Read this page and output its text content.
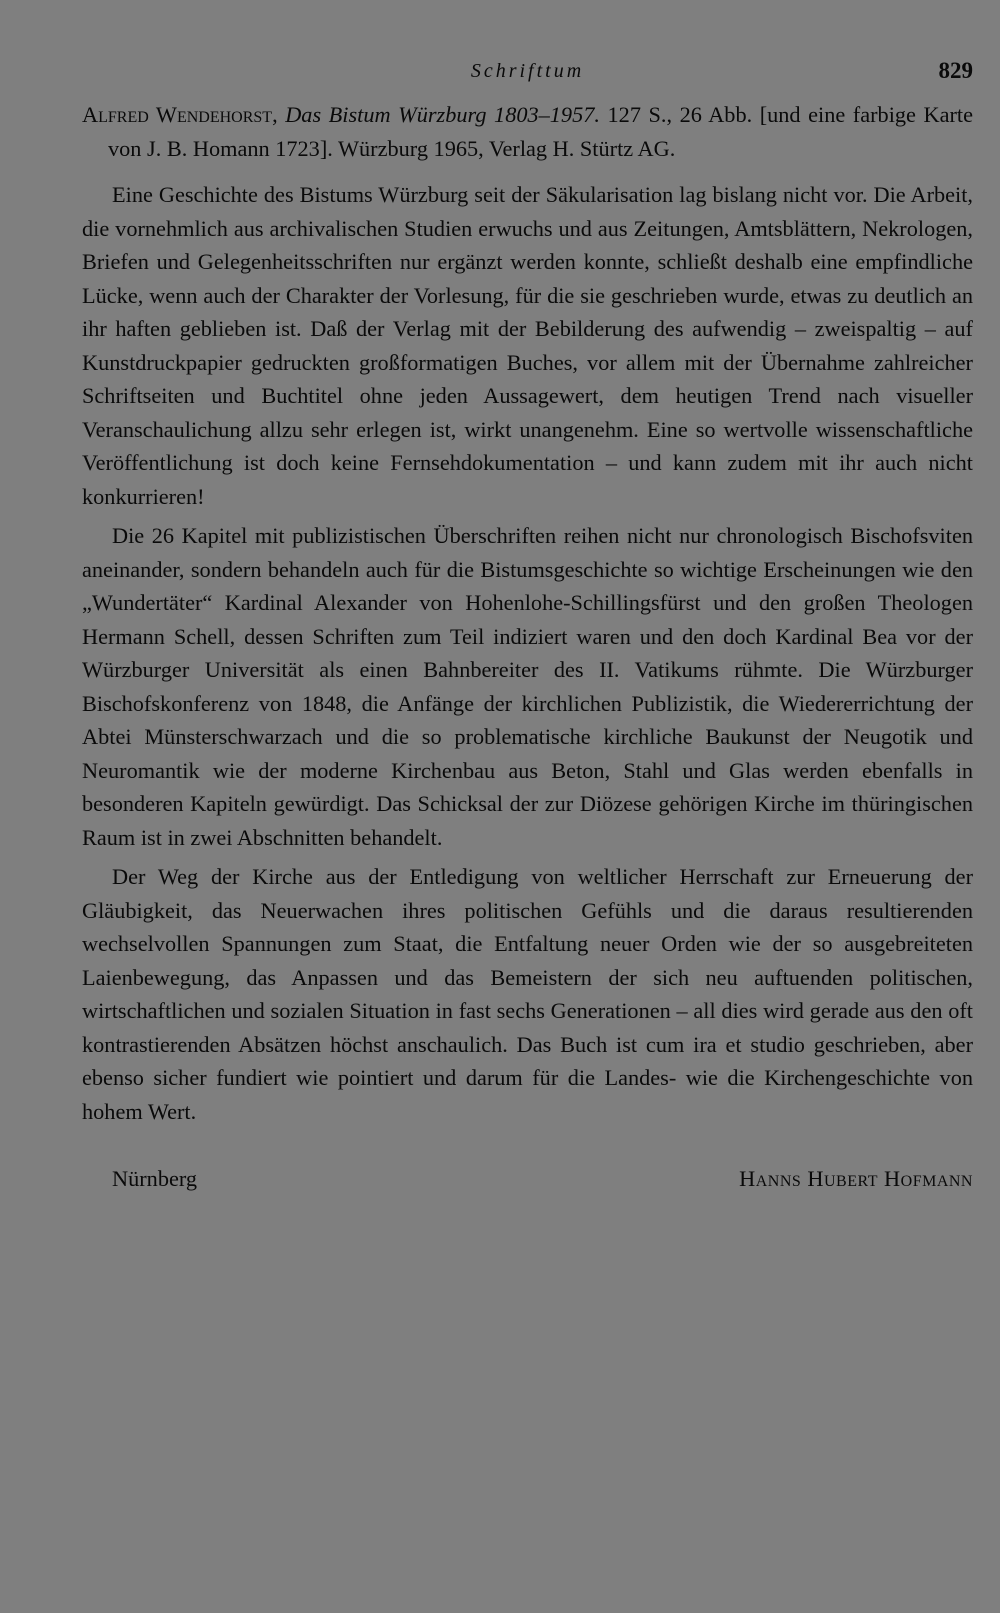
Schrifttum	829

Alfred Wendehorst, Das Bistum Würzburg 1803–1957. 127 S., 26 Abb. [und eine farbige Karte von J. B. Homann 1723]. Würzburg 1965, Verlag H. Stürtz AG.

Eine Geschichte des Bistums Würzburg seit der Säkularisation lag bislang nicht vor. Die Arbeit, die vornehmlich aus archivalischen Studien erwuchs und aus Zeitungen, Amtsblättern, Nekrologen, Briefen und Gelegenheitsschriften nur ergänzt werden konnte, schließt deshalb eine empfindliche Lücke, wenn auch der Charakter der Vorlesung, für die sie geschrieben wurde, etwas zu deutlich an ihr haften geblieben ist. Daß der Verlag mit der Bebilderung des aufwendig – zweispaltig – auf Kunstdruckpapier gedruckten großformatigen Buches, vor allem mit der Übernahme zahlreicher Schriftseiten und Buchtitel ohne jeden Aussagewert, dem heutigen Trend nach visueller Veranschaulichung allzu sehr erlegen ist, wirkt unangenehm. Eine so wertvolle wissenschaftliche Veröffentlichung ist doch keine Fernsehdokumentation – und kann zudem mit ihr auch nicht konkurrieren!

Die 26 Kapitel mit publizistischen Überschriften reihen nicht nur chronologisch Bischofsviten aneinander, sondern behandeln auch für die Bistumsgeschichte so wichtige Erscheinungen wie den „Wundertäter“ Kardinal Alexander von Hohenlohe-Schillingsfürst und den großen Theologen Hermann Schell, dessen Schriften zum Teil indiziert waren und den doch Kardinal Bea vor der Würzburger Universität als einen Bahnbereiter des II. Vatikums rühmte. Die Würzburger Bischofskonferenz von 1848, die Anfänge der kirchlichen Publizistik, die Wiedererrichtung der Abtei Münsterschwarzach und die so problematische kirchliche Baukunst der Neugotik und Neuromantik wie der moderne Kirchenbau aus Beton, Stahl und Glas werden ebenfalls in besonderen Kapiteln gewürdigt. Das Schicksal der zur Diözese gehörigen Kirche im thüringischen Raum ist in zwei Abschnitten behandelt.

Der Weg der Kirche aus der Entledigung von weltlicher Herrschaft zur Erneuerung der Gläubigkeit, das Neuerwachen ihres politischen Gefühls und die daraus resultierenden wechselvollen Spannungen zum Staat, die Entfaltung neuer Orden wie der so ausgebreiteten Laienbewegung, das Anpassen und das Bemeistern der sich neu auftuenden politischen, wirtschaftlichen und sozialen Situation in fast sechs Generationen – all dies wird gerade aus den oft kontrastierenden Absätzen höchst anschaulich. Das Buch ist cum ira et studio geschrieben, aber ebenso sicher fundiert wie pointiert und darum für die Landes- wie die Kirchengeschichte von hohem Wert.

Nürnberg	Hanns Hubert Hofmann
